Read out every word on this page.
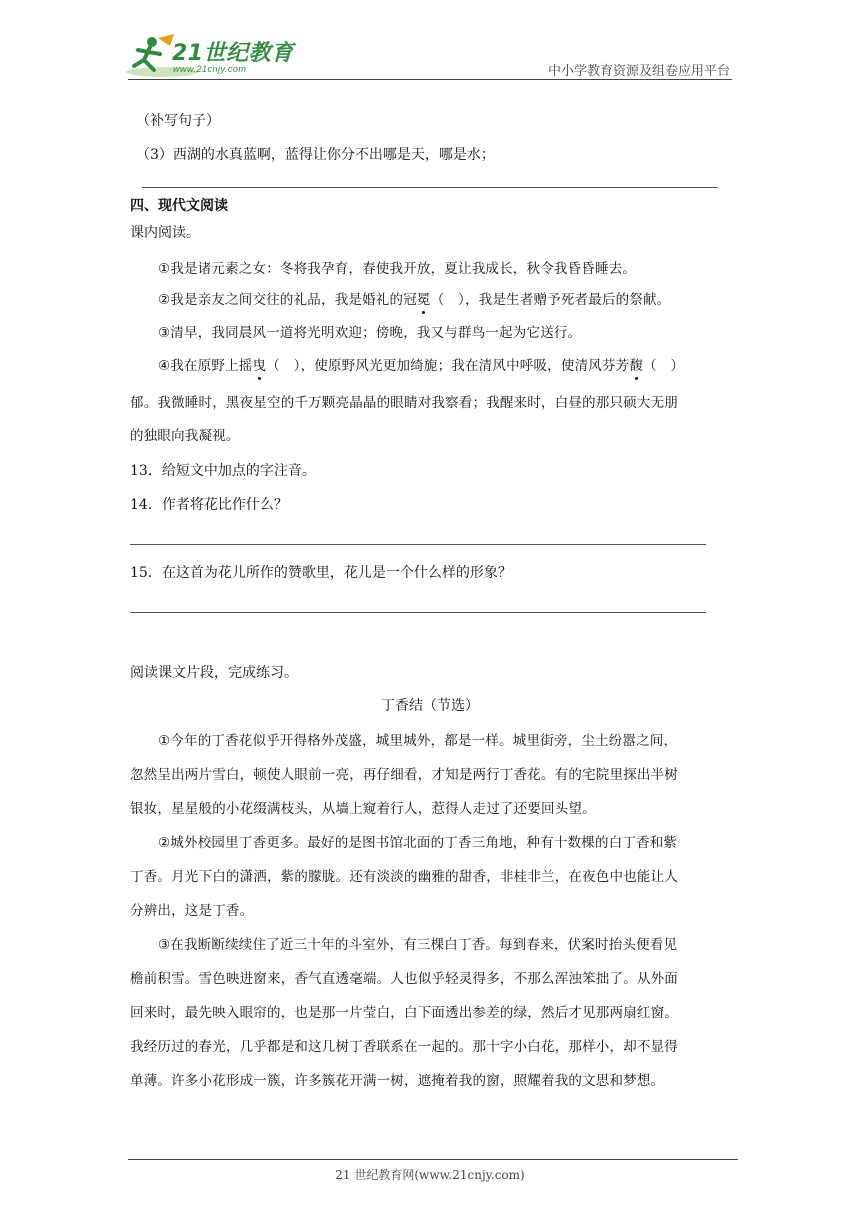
21世纪教育
www.21cnjy.com	中小学教育资源及组卷应用平台
（补写句子）
（3）西湖的水真蓝啊，蓝得让你分不出哪是天，哪是水；
四、现代文阅读
课内阅读。
①我是诸元素之女：冬将我孕育，春使我开放，夏让我成长，秋令我昏昏睡去。
②我是亲友之间交往的礼品，我是婚礼的冠冕（　），我是生者赠予死者最后的祭献。
③清早，我同晨风一道将光明欢迎；傍晚，我又与群鸟一起为它送行。
④我在原野上摇曳（　），使原野风光更加绮旎；我在清风中呼吸，使清风芬芳馥（　）
郁。我微睡时，黑夜星空的千万颗亮晶晶的眼睛对我察看；我醒来时，白昼的那只硕大无朋
的独眼向我凝视。
13．给短文中加点的字注音。
14．作者将花比作什么？
15．在这首为花儿所作的赞歌里，花儿是一个什么样的形象？
阅读课文片段，完成练习。
丁香结（节选）
①今年的丁香花似乎开得格外茂盛，城里城外，都是一样。城里街旁，尘土纷嚣之间，
忽然呈出两片雪白，顿使人眼前一亮，再仔细看，才知是两行丁香花。有的宅院里探出半树
银妆，星星般的小花缀满枝头，从墙上窥着行人，惹得人走过了还要回头望。
②城外校园里丁香更多。最好的是图书馆北面的丁香三角地，种有十数棵的白丁香和紫
丁香。月光下白的潇洒，紫的朦胧。还有淡淡的幽雅的甜香，非桂非兰，在夜色中也能让人
分辨出，这是丁香。
③在我断断续续住了近三十年的斗室外，有三棵白丁香。每到春来，伏案时抬头便看见
檐前积雪。雪色映进窗来，香气直透毫端。人也似乎轻灵得多，不那么浑浊笨拙了。从外面
回来时，最先映入眼帘的，也是那一片莹白，白下面透出参差的绿，然后才见那两扇红窗。
我经历过的春光，几乎都是和这几树丁香联系在一起的。那十字小白花，那样小，却不显得
单薄。许多小花形成一簇，许多簇花开满一树，遮掩着我的窗，照耀着我的文思和梦想。
21 世纪教育网(www.21cnjy.com)
